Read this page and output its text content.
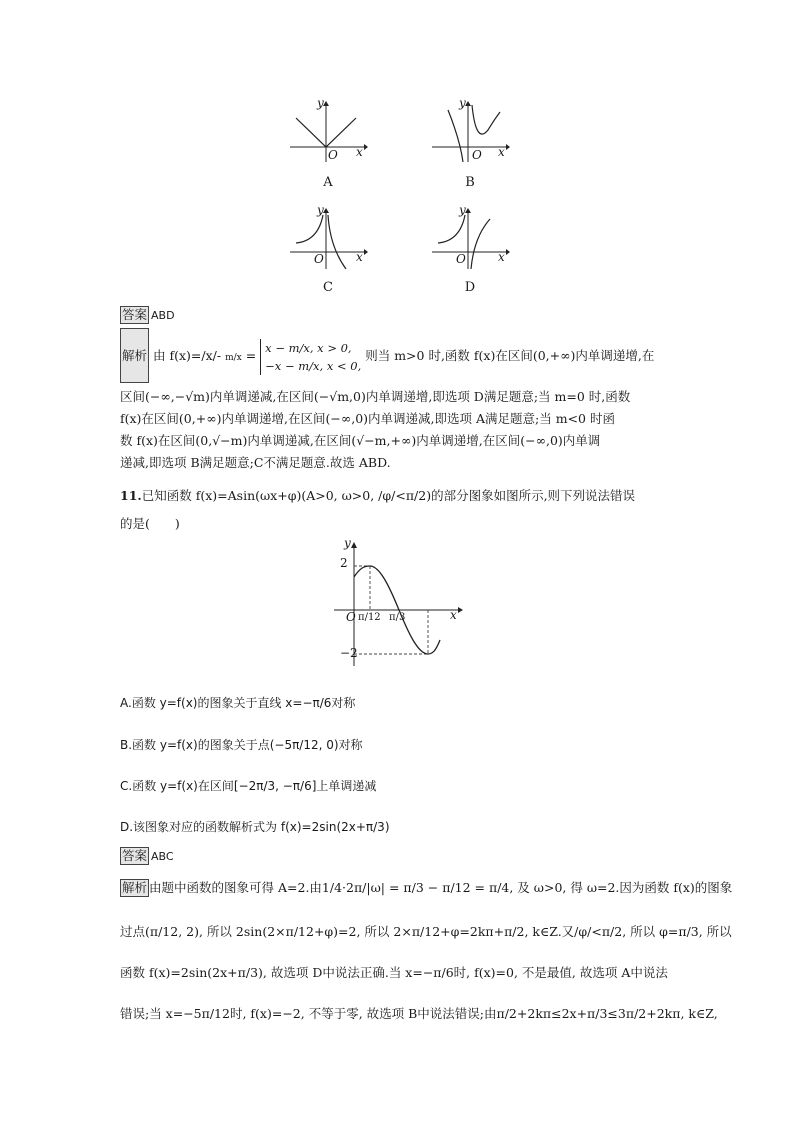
y
x
O
A
y
x
O
B
y
x
O
C
y
x
O
D
答案 ABD
解析 由 f(x)=/x/- m/x =
x − m/x, x > 0,
−x − m/x, x < 0,
则当 m>0 时,函数 f(x)在区间(0,+∞)内单调递增,在
区间(−∞,−√m)内单调递减,在区间(−√m,0)内单调递增,即选项 D满足题意;当 m=0 时,函数
f(x)在区间(0,+∞)内单调递增,在区间(−∞,0)内单调递减,即选项 A满足题意;当 m<0 时函
数 f(x)在区间(0,√−m)内单调递减,在区间(√−m,+∞)内单调递增,在区间(−∞,0)内单调
递减,即选项 B满足题意;C不满足题意.故选 ABD.
11.已知函数 f(x)=Asin(ωx+φ)(A>0, ω>0, /φ/<π/2)的部分图象如图所示,则下列说法错误
的是(　　)
y
x
O
2
−2
π/12 π/3
A.函数 y=f(x)的图象关于直线 x=−π/6对称
B.函数 y=f(x)的图象关于点(−5π/12, 0)对称
C.函数 y=f(x)在区间[−2π/3, −π/6]上单调递减
D.该图象对应的函数解析式为 f(x)=2sin(2x+π/3)
答案 ABC
解析 由题中函数的图象可得 A=2.由1/4·2π/|ω| = π/3 − π/12 = π/4, 及 ω>0, 得 ω=2.因为函数 f(x)的图象
过点(π/12, 2), 所以 2sin(2×π/12+φ)=2, 所以 2×π/12+φ=2kπ+π/2, k∈Z.又/φ/<π/2, 所以 φ=π/3, 所以
函数 f(x)=2sin(2x+π/3), 故选项 D中说法正确.当 x=−π/6时, f(x)=0, 不是最值, 故选项 A中说法
错误;当 x=−5π/12时, f(x)=−2, 不等于零, 故选项 B中说法错误;由π/2+2kπ≤2x+π/3≤3π/2+2kπ, k∈Z,
